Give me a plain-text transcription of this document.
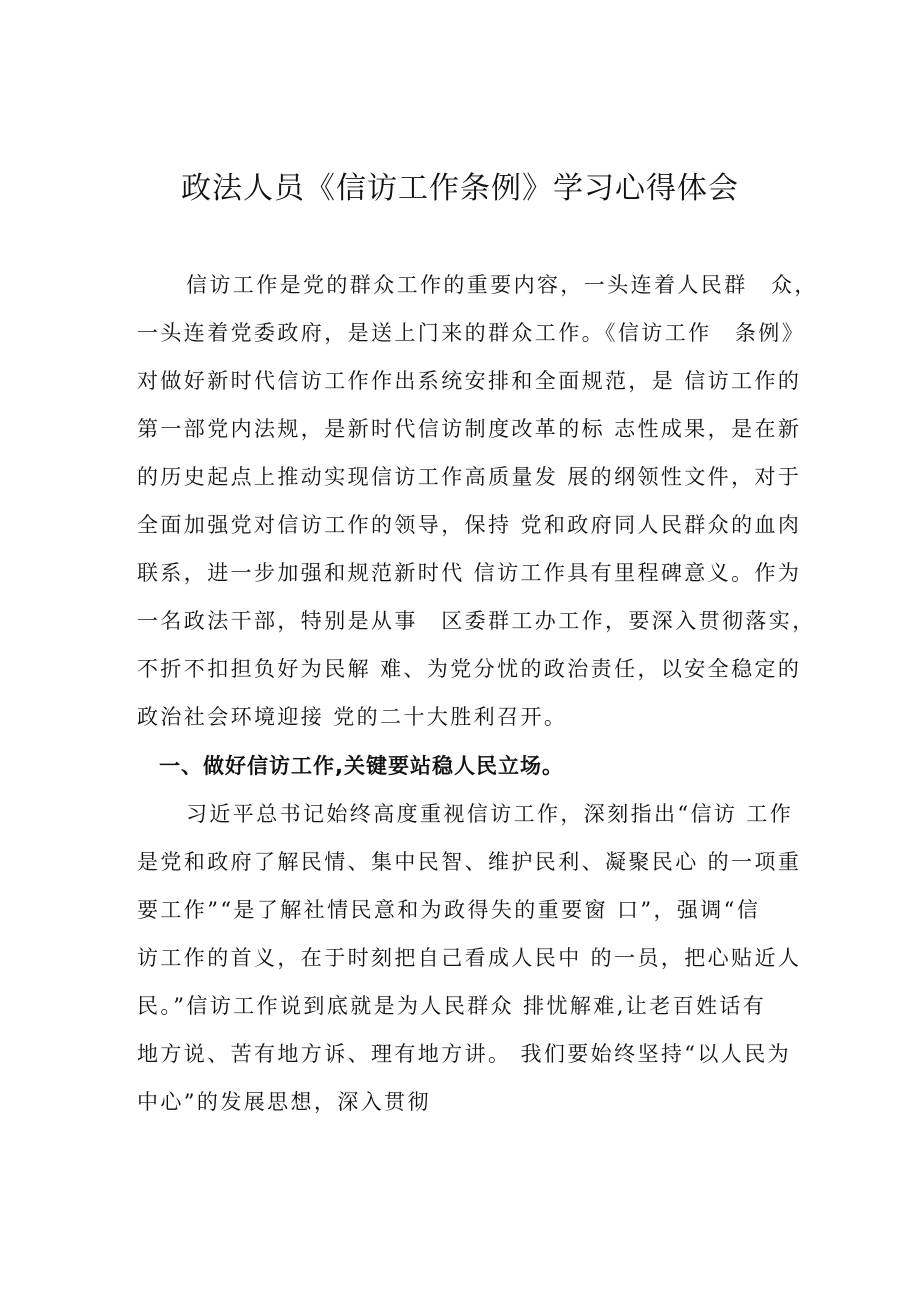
政法人员《信访工作条例》学习心得体会
信访工作是党的群众工作的重要内容，一头连着人民群　众，
一头连着党委政府，是送上门来的群众工作。《信访工作　条例》
对做好新时代信访工作作出系统安排和全面规范，是 信访工作的
第一部党内法规，是新时代信访制度改革的标 志性成果，是在新
的历史起点上推动实现信访工作高质量发 展的纲领性文件，对于
全面加强党对信访工作的领导，保持 党和政府同人民群众的血肉
联系，进一步加强和规范新时代 信访工作具有里程碑意义。作为
一名政法干部，特别是从事　区委群工办工作，要深入贯彻落实，
不折不扣担负好为民解 难、为党分忧的政治责任，以安全稳定的
政治社会环境迎接 党的二十大胜利召开。
一、做好信访工作,关键要站稳人民立场。
习近平总书记始终高度重视信访工作，深刻指出“信访 工作
是党和政府了解民情、集中民智、维护民利、凝聚民心 的一项重
要工作”“是了解社情民意和为政得失的重要窗 口”，强调“信
访工作的首义，在于时刻把自己看成人民中 的一员，把心贴近人
民。”信访工作说到底就是为人民群众 排忧解难,让老百姓话有
地方说、苦有地方诉、理有地方讲。 我们要始终坚持“以人民为
中心”的发展思想，深入贯彻
